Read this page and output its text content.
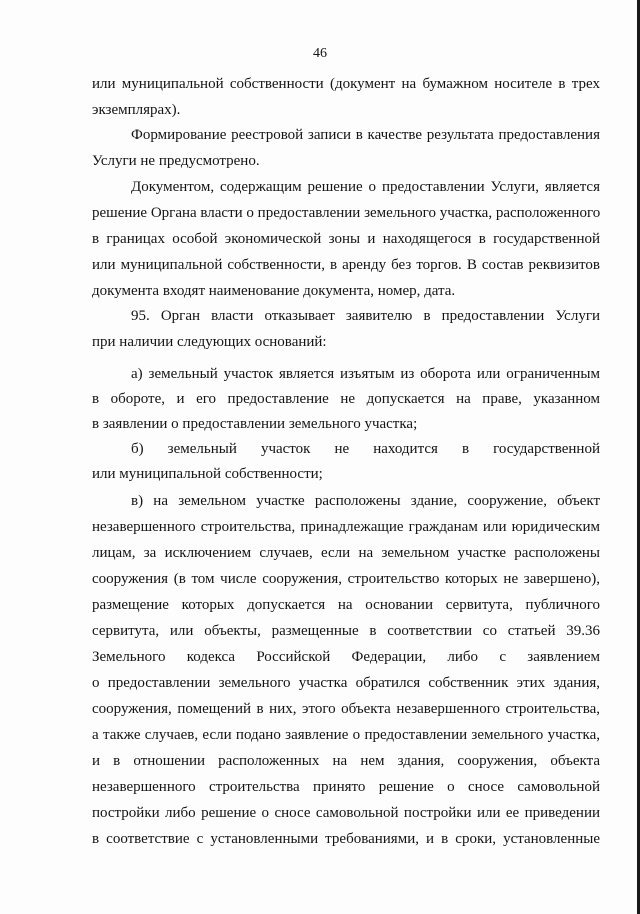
46
или муниципальной собственности (документ на бумажном носителе в трех
экземплярах).
Формирование реестровой записи в качестве результата предоставления
Услуги не предусмотрено.
Документом, содержащим решение о предоставлении Услуги, является
решение Органа власти о предоставлении земельного участка, расположенного
в границах особой экономической зоны и находящегося в государственной
или муниципальной собственности, в аренду без торгов. В состав реквизитов
документа входят наименование документа, номер, дата.
95. Орган власти отказывает заявителю в предоставлении Услуги
при наличии следующих оснований:
а) земельный участок является изъятым из оборота или ограниченным
в обороте, и его предоставление не допускается на праве, указанном
в заявлении о предоставлении земельного участка;
б) земельный участок не находится в государственной
или муниципальной собственности;
в) на земельном участке расположены здание, сооружение, объект
незавершенного строительства, принадлежащие гражданам или юридическим
лицам, за исключением случаев, если на земельном участке расположены
сооружения (в том числе сооружения, строительство которых не завершено),
размещение которых допускается на основании сервитута, публичного
сервитута, или объекты, размещенные в соответствии со статьей 39.36
Земельного кодекса Российской Федерации, либо с заявлением
о предоставлении земельного участка обратился собственник этих здания,
сооружения, помещений в них, этого объекта незавершенного строительства,
а также случаев, если подано заявление о предоставлении земельного участка,
и в отношении расположенных на нем здания, сооружения, объекта
незавершенного строительства принято решение о сносе самовольной
постройки либо решение о сносе самовольной постройки или ее приведении
в соответствие с установленными требованиями, и в сроки, установленные
